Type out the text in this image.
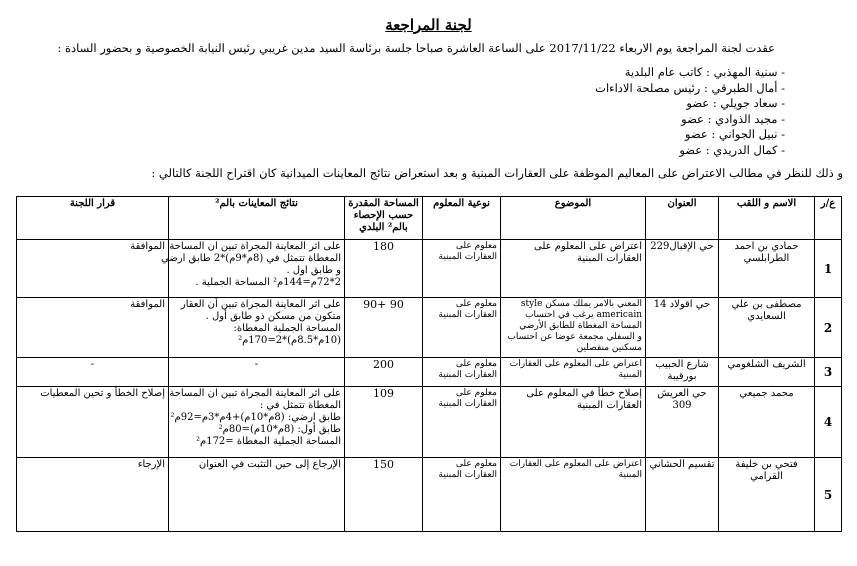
لجنة المراجعة
عقدت لجنة المراجعة يوم الاربعاء 2017/11/22 على الساعة العاشرة صباحا جلسة برئاسة السيد مدين غريبي رئيس النيابة الخصوصية و بحضور السادة :
- سنية المهذبي : كاتب عام البلدية
- أمال الطبرقي : رئيس مصلحة الاداءات
- سعاد جويلي : عضو
- مجيد الذوادي : عضو
- نبيل الجواني : عضو
- كمال الدريدي : عضو
و ذلك للنظر في مطالب الاعتراض على المعاليم الموظفة على العقارات المبنية و بعد استعراض نتائج المعاينات الميدانية كان اقتراح اللجنة كالتالي :
ع/ر	الاسم و اللقب	العنوان	الموضوع	نوعية المعلوم	المساحة المقدرة حسب الإحصاء بالم² البلدي	نتائج المعاينات بالم²	قرار اللجنة
1	حمادي بن احمد الطرابلسي	حي الإقبال229	اعتراض على المعلوم على العقارات المبنية	معلوم على العقارات المبنية	180	على اثر المعاينة المجراة تبين ان المساحة
المغطاة تتمثل في (8م*9م)*2 طابق ارضي
و طابق اول .
2*72م=144م² المساحة الجملية .	الموافقة
2	مصطفى بن علي السعايدي	حي اقولاد 14	المعني بالامر يملك مسكن style
americain يرغب في احتساب
المساحة المغطاة للطابق الأرضي
و السفلي مجمعة عوضا عن احتساب
مسكنين منفصلين	معلوم على العقارات المبنية	90 +90	على اثر المعاينة المجراة تبين أن العقار
متكون من مسكن ذو طابق أول .
المساحة الجملية المغطاة:
(10م*8.5م)*2=170م²	الموافقة
3	الشريف الشلغومي	شارع الحبيب بورقيبة	اعتراض على المعلوم على العقارات المبنية	معلوم على العقارات المبنية	200	-	-
4	محمد جميعي	حي العريش 309	إصلاح خطأ في المعلوم على العقارات المبنية	معلوم على العقارات المبنية	109	على اثر المعاينة المجراة تبين ان المساحة
المغطاة تتمثل في :
طابق ارضي: (8م*10م)+4م*3م=92م²
طابق أول: (8م*10م)=80م²
المساحة الجملية المغطاة =172م²	إصلاح الخطأ و تحين المعطيات
5	فتحي بن خليفة القرامي	تقسيم الحشاني	اعتراض على المعلوم على العقارات المبنية	معلوم على العقارات المبنية	150	الإرجاع إلى حين التثبت في العنوان	الإرجاء
